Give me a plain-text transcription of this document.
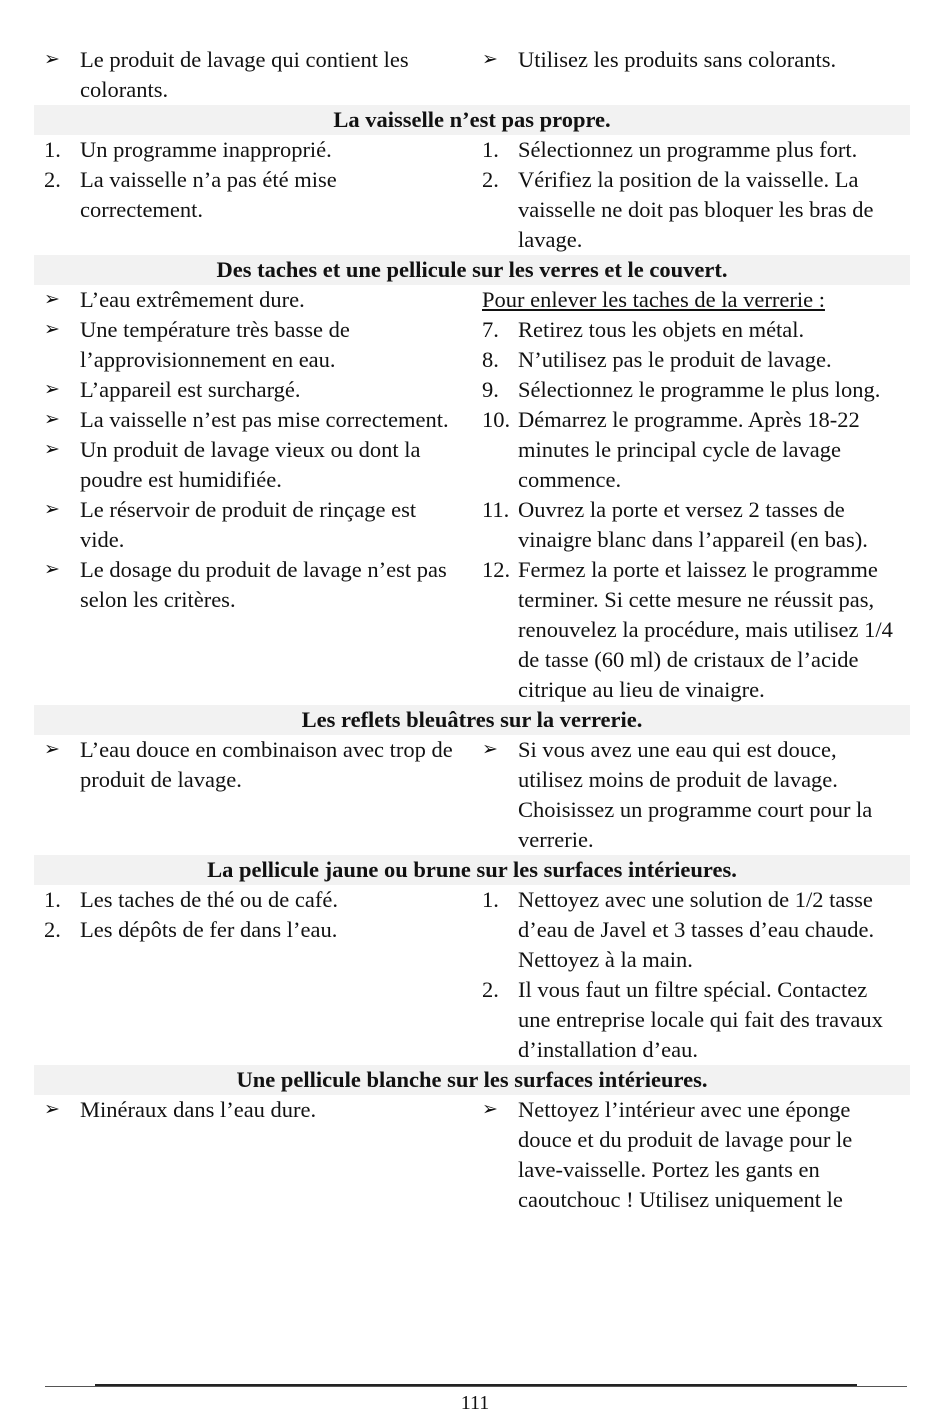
➢ Le produit de lavage qui contient les colorants.
➢ Utilisez les produits sans colorants.
La vaisselle n’est pas propre.
1. Un programme inapproprié.
2. La vaisselle n’a pas été mise correctement.
1. Sélectionnez un programme plus fort.
2. Vérifiez la position de la vaisselle. La vaisselle ne doit pas bloquer les bras de lavage.
Des taches et une pellicule sur les verres et le couvert.
➢ L’eau extrêmement dure.
➢ Une température très basse de l’approvisionnement en eau.
➢ L’appareil est surchargé.
➢ La vaisselle n’est pas mise correctement.
➢ Un produit de lavage vieux ou dont la poudre est humidifiée.
➢ Le réservoir de produit de rinçage est vide.
➢ Le dosage du produit de lavage n’est pas selon les critères.
Pour enlever les taches de la verrerie :
7. Retirez tous les objets en métal.
8. N’utilisez pas le produit de lavage.
9. Sélectionnez le programme le plus long.
10. Démarrez le programme. Après 18-22 minutes le principal cycle de lavage commence.
11. Ouvrez la porte et versez 2 tasses de vinaigre blanc dans l’appareil (en bas).
12. Fermez la porte et laissez le programme terminer. Si cette mesure ne réussit pas, renouvelez la procédure, mais utilisez 1/4 de tasse (60 ml) de cristaux de l’acide citrique au lieu de vinaigre.
Les reflets bleuâtres sur la verrerie.
➢ L’eau douce en combinaison avec trop de produit de lavage.
➢ Si vous avez une eau qui est douce, utilisez moins de produit de lavage. Choisissez un programme court pour la verrerie.
La pellicule jaune ou brune sur les surfaces intérieures.
1. Les taches de thé ou de café.
2. Les dépôts de fer dans l’eau.
1. Nettoyez avec une solution de 1/2 tasse d’eau de Javel et 3 tasses d’eau chaude. Nettoyez à la main.
2. Il vous faut un filtre spécial. Contactez une entreprise locale qui fait des travaux d’installation d’eau.
Une pellicule blanche sur les surfaces intérieures.
➢ Minéraux dans l’eau dure.	➢ Nettoyez l’intérieur avec une éponge douce et du produit de lavage pour le lave-vaisselle. Portez les gants en caoutchouc ! Utilisez uniquement le
111
